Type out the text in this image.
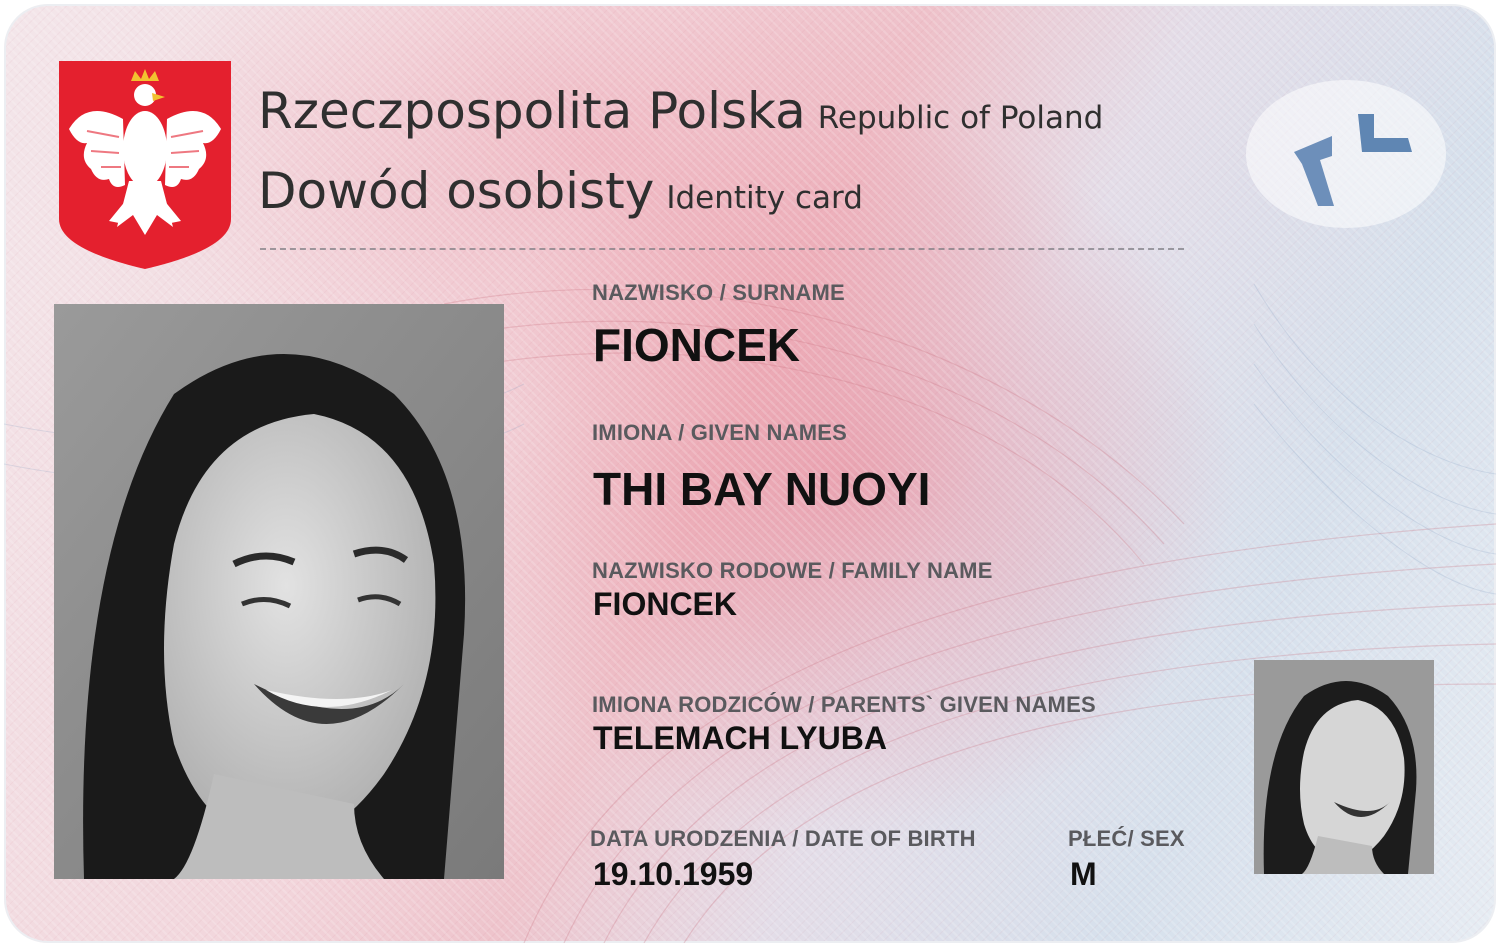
Rzeczpospolita Polska Republic of Poland
Dowód osobisty Identity card
NAZWISKO / SURNAME
FIONCEK
IMIONA / GIVEN NAMES
THI BAY NUOYI
NAZWISKO RODOWE / FAMILY NAME
FIONCEK
IMIONA RODZICÓW / PARENTS` GIVEN NAMES
TELEMACH LYUBA
DATA URODZENIA / DATE OF BIRTH
19.10.1959
PŁEĆ/ SEX
M
